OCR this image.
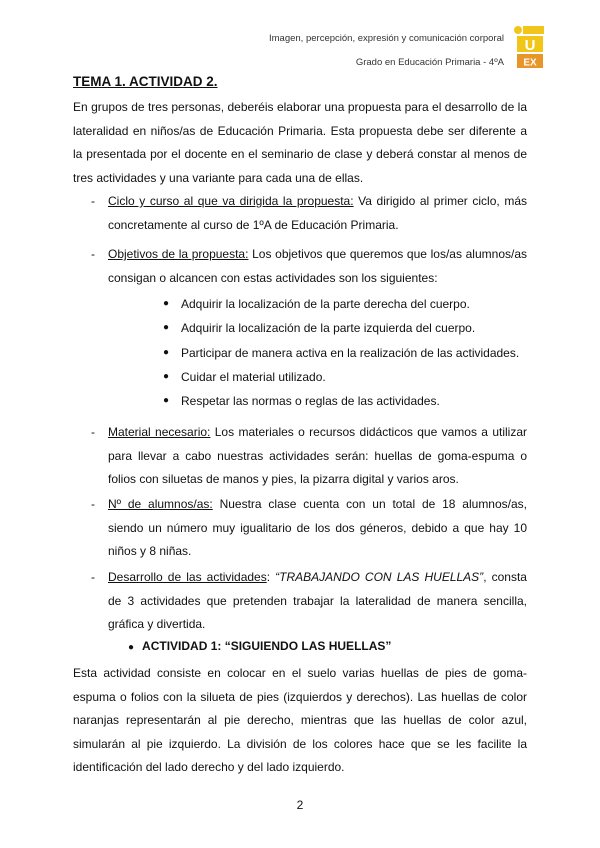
Imagen, percepción, expresión y comunicación corporal
Grado en Educación Primaria - 4ºA
U
EX
TEMA 1. ACTIVIDAD 2.

En grupos de tres personas, deberéis elaborar una propuesta para el desarrollo de la lateralidad en niños/as de Educación Primaria. Esta propuesta debe ser diferente a la presentada por el docente en el seminario de clase y deberá constar al menos de tres actividades y una variante para cada una de ellas.

- Ciclo y curso al que va dirigida la propuesta: Va dirigido al primer ciclo, más concretamente al curso de 1ºA de Educación Primaria.
- Objetivos de la propuesta: Los objetivos que queremos que los/as alumnos/as consigan o alcancen con estas actividades son los siguientes:
● Adquirir la localización de la parte derecha del cuerpo.
● Adquirir la localización de la parte izquierda del cuerpo.
● Participar de manera activa en la realización de las actividades.
● Cuidar el material utilizado.
● Respetar las normas o reglas de las actividades.
- Material necesario: Los materiales o recursos didácticos que vamos a utilizar para llevar a cabo nuestras actividades serán: huellas de goma-espuma o folios con siluetas de manos y pies, la pizarra digital y varios aros.
- Nº de alumnos/as: Nuestra clase cuenta con un total de 18 alumnos/as, siendo un número muy igualitario de los dos géneros, debido a que hay 10 niños y 8 niñas.
- Desarrollo de las actividades: “TRABAJANDO CON LAS HUELLAS”, consta de 3 actividades que pretenden trabajar la lateralidad de manera sencilla, gráfica y divertida.
● ACTIVIDAD 1: “SIGUIENDO LAS HUELLAS”

Esta actividad consiste en colocar en el suelo varias huellas de pies de goma-espuma o folios con la silueta de pies (izquierdos y derechos). Las huellas de color naranjas representarán al pie derecho, mientras que las huellas de color azul, simularán al pie izquierdo. La división de los colores hace que se les facilite la identificación del lado derecho y del lado izquierdo.

2
